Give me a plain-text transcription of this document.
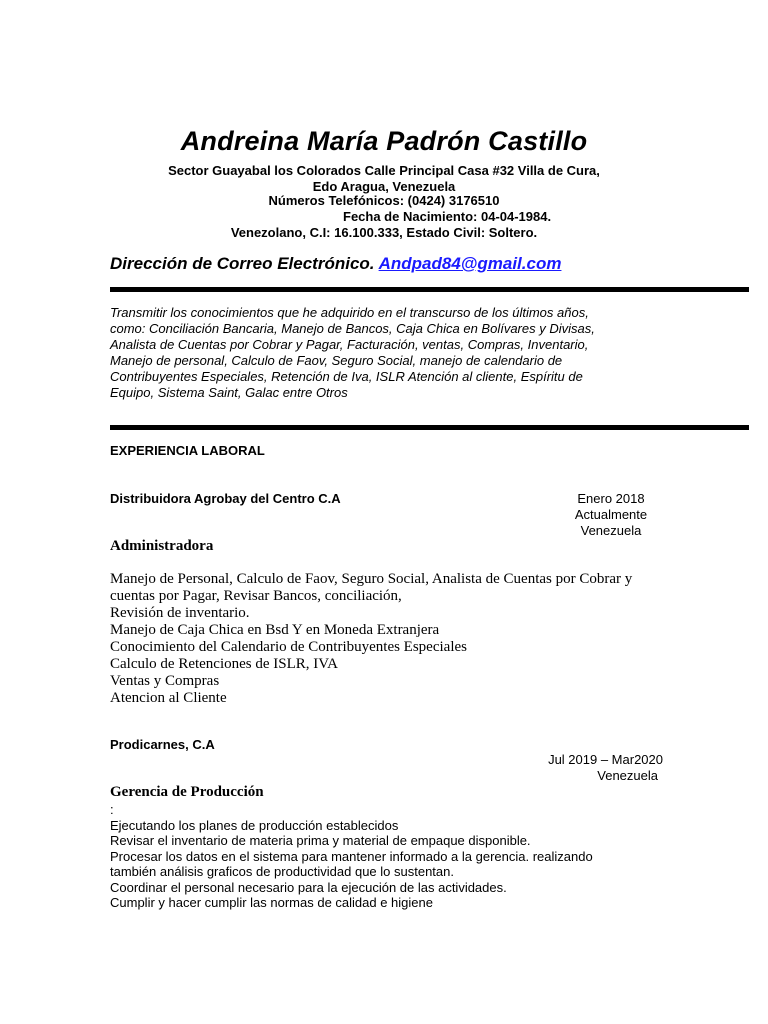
Andreina María Padrón Castillo
Sector Guayabal los Colorados Calle Principal Casa #32 Villa de Cura,
Edo Aragua, Venezuela
Números Telefónicos: (0424) 3176510
Fecha de Nacimiento: 04-04-1984.
Venezolano, C.I: 16.100.333, Estado Civil: Soltero.
Dirección de Correo Electrónico. Andpad84@gmail.com
Transmitir los conocimientos que he adquirido en el transcurso de los últimos años,
como: Conciliación Bancaria, Manejo de Bancos, Caja Chica en Bolívares y Divisas,
Analista de Cuentas por Cobrar y Pagar, Facturación, ventas, Compras, Inventario,
Manejo de personal, Calculo de Faov, Seguro Social, manejo de calendario de
Contribuyentes Especiales, Retención de Iva, ISLR Atención al cliente, Espíritu de
Equipo, Sistema Saint, Galac entre Otros
EXPERIENCIA LABORAL
Distribuidora Agrobay del Centro C.A	Enero 2018
Actualmente
Venezuela
Administradora
Manejo de Personal, Calculo de Faov, Seguro Social, Analista de Cuentas por Cobrar y
cuentas por Pagar, Revisar Bancos, conciliación,
Revisión de inventario.
Manejo de Caja Chica en Bsd Y en Moneda Extranjera
Conocimiento del Calendario de Contribuyentes Especiales
Calculo de Retenciones de ISLR, IVA
Ventas y Compras
Atencion al Cliente
Prodicarnes, C.A
Jul 2019 – Mar2020
Venezuela
Gerencia de Producción
:
Ejecutando los planes de producción establecidos
Revisar el inventario de materia prima y material de empaque disponible.
Procesar los datos en el sistema para mantener informado a la gerencia. realizando
también análisis graficos de productividad que lo sustentan.
Coordinar el personal necesario para la ejecución de las actividades.
Cumplir y hacer cumplir las normas de calidad e higiene
